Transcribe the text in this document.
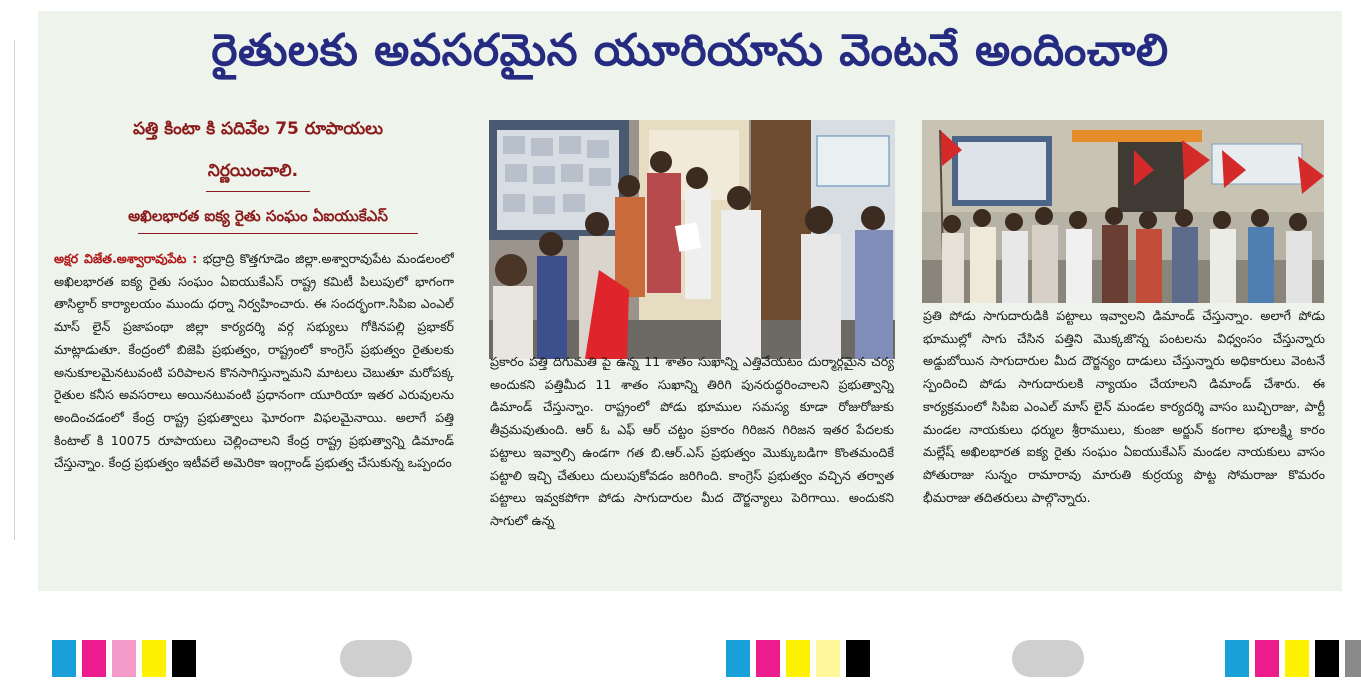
రైతులకు అవసరమైన యూరియాను వెంటనే అందించాలి
పత్తి కింటా కి పదివేల 75 రూపాయలు
నిర్ణయించాలి.
అఖిలభారత ఐక్య రైతు సంఘం ఏఐయుకేఎస్
అక్షర విజేత.అశ్వారావుపేట : భద్రాద్రి కొత్తగూడెం జిల్లా.అశ్వారావుపేట మండలంలో అఖిలభారత ఐక్య రైతు సంఘం ఏఐయుకేఎస్ రాష్ట్ర కమిటీ పిలుపులో భాగంగా తాసిల్దార్ కార్యాలయం ముందు ధర్నా నిర్వహించారు. ఈ సందర్భంగా.సిపిఐ ఎంఎల్ మాస్ లైన్ ప్రజాపంథా జిల్లా కార్యదర్శి వర్గ సభ్యులు గోకినపల్లి ప్రభాకర్ మాట్లాడుతూ. కేంద్రంలో బిజెపి ప్రభుత్వం, రాష్ట్రంలో కాంగ్రెస్ ప్రభుత్వం రైతులకు అనుకూలమైనటువంటి పరిపాలన కొనసాగిస్తున్నామని మాటలు చెబుతూ మరోపక్క రైతుల కనీస అవసరాలు అయినటువంటి ప్రధానంగా యూరియా ఇతర ఎరువులను అందించడంలో కేంద్ర రాష్ట్ర ప్రభుత్వాలు ఘోరంగా విఫలమైనాయి. అలాగే పత్తి కింటాల్ కి 10075 రూపాయలు చెల్లించాలని కేంద్ర రాష్ట్ర ప్రభుత్వాన్ని డిమాండ్ చేస్తున్నాం. కేంద్ర ప్రభుత్వం ఇటీవలే అమెరికా ఇంగ్లాండ్ ప్రభుత్వ చేసుకున్న ఒప్పందం
ప్రకారం పత్తి దిగుమతి పై ఉన్న 11 శాతం సుఖాన్ని ఎత్తివేయటం దుర్మార్గమైన చర్య అందుకని పత్తిమీద 11 శాతం సుఖాన్ని తిరిగి పునరుద్ధరించాలని ప్రభుత్వాన్ని డిమాండ్ చేస్తున్నాం. రాష్ట్రంలో పోడు భూముల సమస్య కూడా రోజురోజుకు తీవ్రమవుతుంది. ఆర్ ఓ ఎఫ్ ఆర్ చట్టం ప్రకారం గిరిజన గిరిజన ఇతర పేదలకు పట్టాలు ఇవ్వాల్సి ఉండగా గత బి.ఆర్.ఎస్ ప్రభుత్వం మొక్కుబడిగా కొంతమందికే పట్టాలి ఇచ్చి చేతులు దులుపుకోవడం జరిగింది. కాంగ్రెస్ ప్రభుత్వం వచ్చిన తర్వాత పట్టాలు ఇవ్వకపోగా పోడు సాగుదారుల మీద దౌర్జన్యాలు పెరిగాయి. అందుకని సాగులో ఉన్న
ప్రతి పోడు సాగుదారుడికి పట్టాలు ఇవ్వాలని డిమాండ్ చేస్తున్నాం. అలాగే పోడు భూముల్లో సాగు చేసిన పత్తిని మొక్కజొన్న పంటలను విధ్వంసం చేస్తున్నారు అడ్డుబోయిన సాగుదారుల మీద దౌర్జన్యం దాడులు చేస్తున్నారు అధికారులు వెంటనే స్పందించి పోడు సాగుదారులకి న్యాయం చేయాలని డిమాండ్ చేశారు. ఈ కార్యక్రమంలో సిపిఐ ఎంఎల్ మాస్ లైన్ మండల కార్యదర్శి వాసం బుచ్చిరాజు, పార్టీ మండల నాయకులు ధర్ముల శ్రీరాములు, కుంజా అర్జున్ కంగాల భూలక్ష్మి కారం మల్లేష్ అఖిలభారత ఐక్య రైతు సంఘం ఏఐయుకేఎస్ మండల నాయకులు వాసం పోతురాజు సున్నం రామారావు మారుతి కుర్రయ్య పొట్ట సోమరాజు కొమరం భీమరాజు తదితరులు పాల్గొన్నారు.
